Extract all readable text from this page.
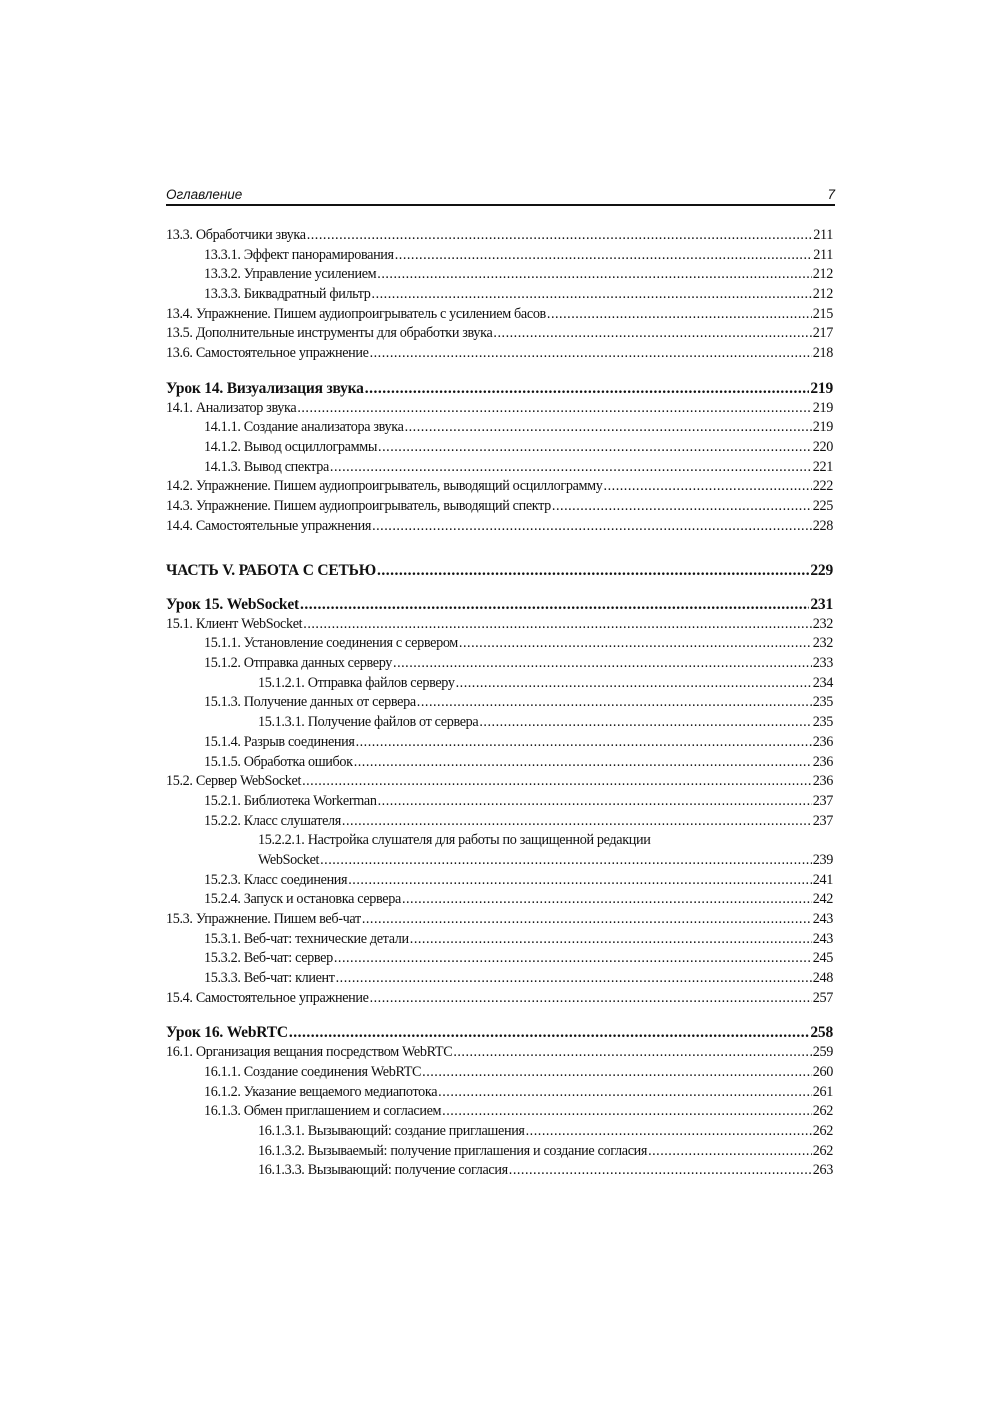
Оглавление	7
13.3. Обработчики звука .....	211
13.3.1. Эффект панорамирования .....	211
13.3.2. Управление усилением .....	212
13.3.3. Биквадратный фильтр .....	212
13.4. Упражнение. Пишем аудиопроигрыватель с усилением басов .....	215
13.5. Дополнительные инструменты для обработки звука .....	217
13.6. Самостоятельное упражнение .....	218
Урок 14. Визуализация звука .....	219
14.1. Анализатор звука .....	219
14.1.1. Создание анализатора звука .....	219
14.1.2. Вывод осциллограммы .....	220
14.1.3. Вывод спектра .....	221
14.2. Упражнение. Пишем аудиопроигрыватель, выводящий осциллограмму .....	222
14.3. Упражнение. Пишем аудиопроигрыватель, выводящий спектр .....	225
14.4. Самостоятельные упражнения .....	228
ЧАСТЬ V. РАБОТА С СЕТЬЮ .....	229
Урок 15. WebSocket .....	231
15.1. Клиент WebSocket .....	232
15.1.1. Установление соединения с сервером .....	232
15.1.2. Отправка данных серверу .....	233
15.1.2.1. Отправка файлов серверу .....	234
15.1.3. Получение данных от сервера .....	235
15.1.3.1. Получение файлов от сервера .....	235
15.1.4. Разрыв соединения .....	236
15.1.5. Обработка ошибок .....	236
15.2. Сервер WebSocket .....	236
15.2.1. Библиотека Workerman .....	237
15.2.2. Класс слушателя .....	237
15.2.2.1. Настройка слушателя для работы по защищенной редакции
WebSocket .....	239
15.2.3. Класс соединения .....	241
15.2.4. Запуск и остановка сервера .....	242
15.3. Упражнение. Пишем веб-чат .....	243
15.3.1. Веб-чат: технические детали .....	243
15.3.2. Веб-чат: сервер .....	245
15.3.3. Веб-чат: клиент .....	248
15.4. Самостоятельное упражнение .....	257
Урок 16. WebRTC .....	258
16.1. Организация вещания посредством WebRTC .....	259
16.1.1. Создание соединения WebRTC .....	260
16.1.2. Указание вещаемого медиапотока .....	261
16.1.3. Обмен приглашением и согласием .....	262
16.1.3.1. Вызывающий: создание приглашения .....	262
16.1.3.2. Вызываемый: получение приглашения и создание согласия .....	262
16.1.3.3. Вызывающий: получение согласия .....	263
